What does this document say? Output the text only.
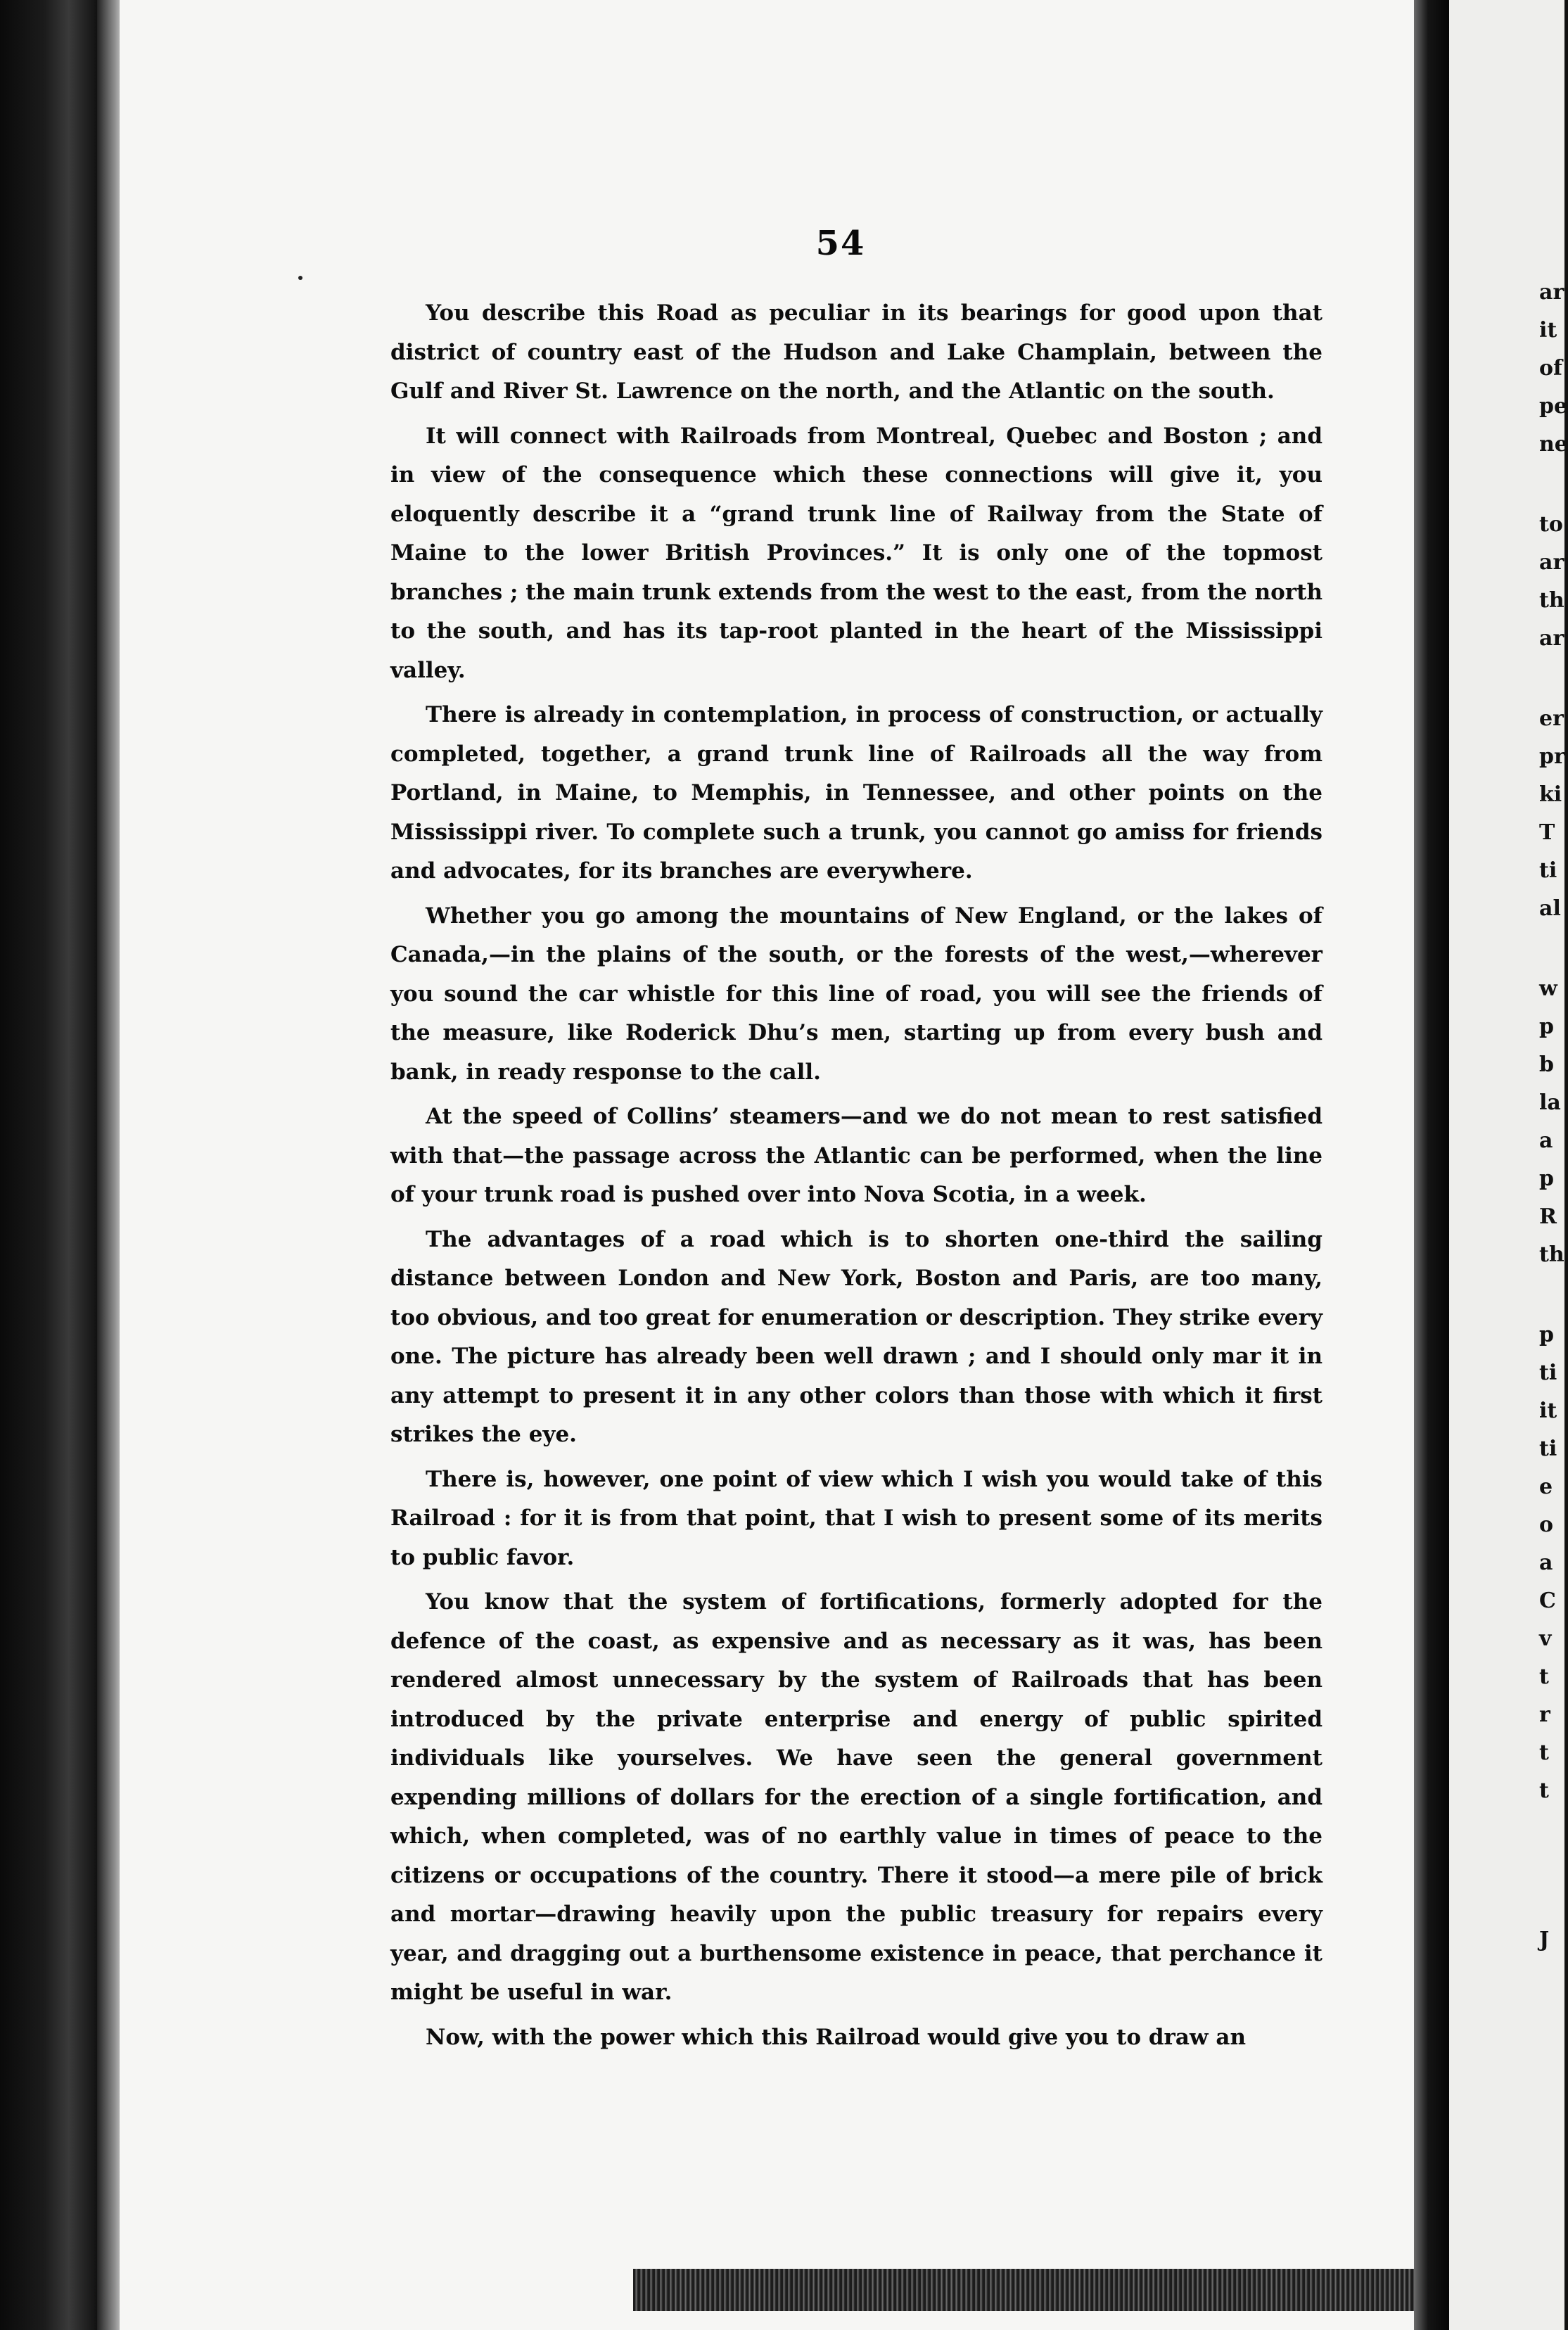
54

You describe this Road as peculiar in its bearings for good upon that district of country east of the Hudson and Lake Champlain, between the Gulf and River St. Lawrence on the north, and the Atlantic on the south.

It will connect with Railroads from Montreal, Quebec and Boston ; and in view of the consequence which these connections will give it, you eloquently describe it a “grand trunk line of Railway from the State of Maine to the lower British Provinces.” It is only one of the topmost branches ; the main trunk extends from the west to the east, from the north to the south, and has its tap-root planted in the heart of the Mississippi valley.

There is already in contemplation, in process of construction, or actually completed, together, a grand trunk line of Railroads all the way from Portland, in Maine, to Memphis, in Tennessee, and other points on the Mississippi river. To complete such a trunk, you cannot go amiss for friends and advocates, for its branches are everywhere.

Whether you go among the mountains of New England, or the lakes of Canada,—in the plains of the south, or the forests of the west,—wherever you sound the car whistle for this line of road, you will see the friends of the measure, like Roderick Dhu’s men, starting up from every bush and bank, in ready response to the call.

At the speed of Collins’ steamers—and we do not mean to rest satisfied with that—the passage across the Atlantic can be performed, when the line of your trunk road is pushed over into Nova Scotia, in a week.

The advantages of a road which is to shorten one-third the sailing distance between London and New York, Boston and Paris, are too many, too obvious, and too great for enumeration or description. They strike every one. The picture has already been well drawn ; and I should only mar it in any attempt to present it in any other colors than those with which it first strikes the eye.

There is, however, one point of view which I wish you would take of this Railroad : for it is from that point, that I wish to present some of its merits to public favor.

You know that the system of fortifications, formerly adopted for the defence of the coast, as expensive and as necessary as it was, has been rendered almost unnecessary by the system of Railroads that has been introduced by the private enterprise and energy of public spirited individuals like yourselves. We have seen the general government expending millions of dollars for the erection of a single fortification, and which, when completed, was of no earthly value in times of peace to the citizens or occupations of the country. There it stood—a mere pile of brick and mortar—drawing heavily upon the public treasury for repairs every year, and dragging out a burthensome existence in peace, that perchance it might be useful in war.

Now, with the power which this Railroad would give you to draw an

ar
it
of
pe
ne
to
ar
th
ar
er
pr
ki
T
ti
al
w
p
b
la
a
p
R
th
p
ti
it
ti
e
o
a
C
v
t
r
t
t
J
